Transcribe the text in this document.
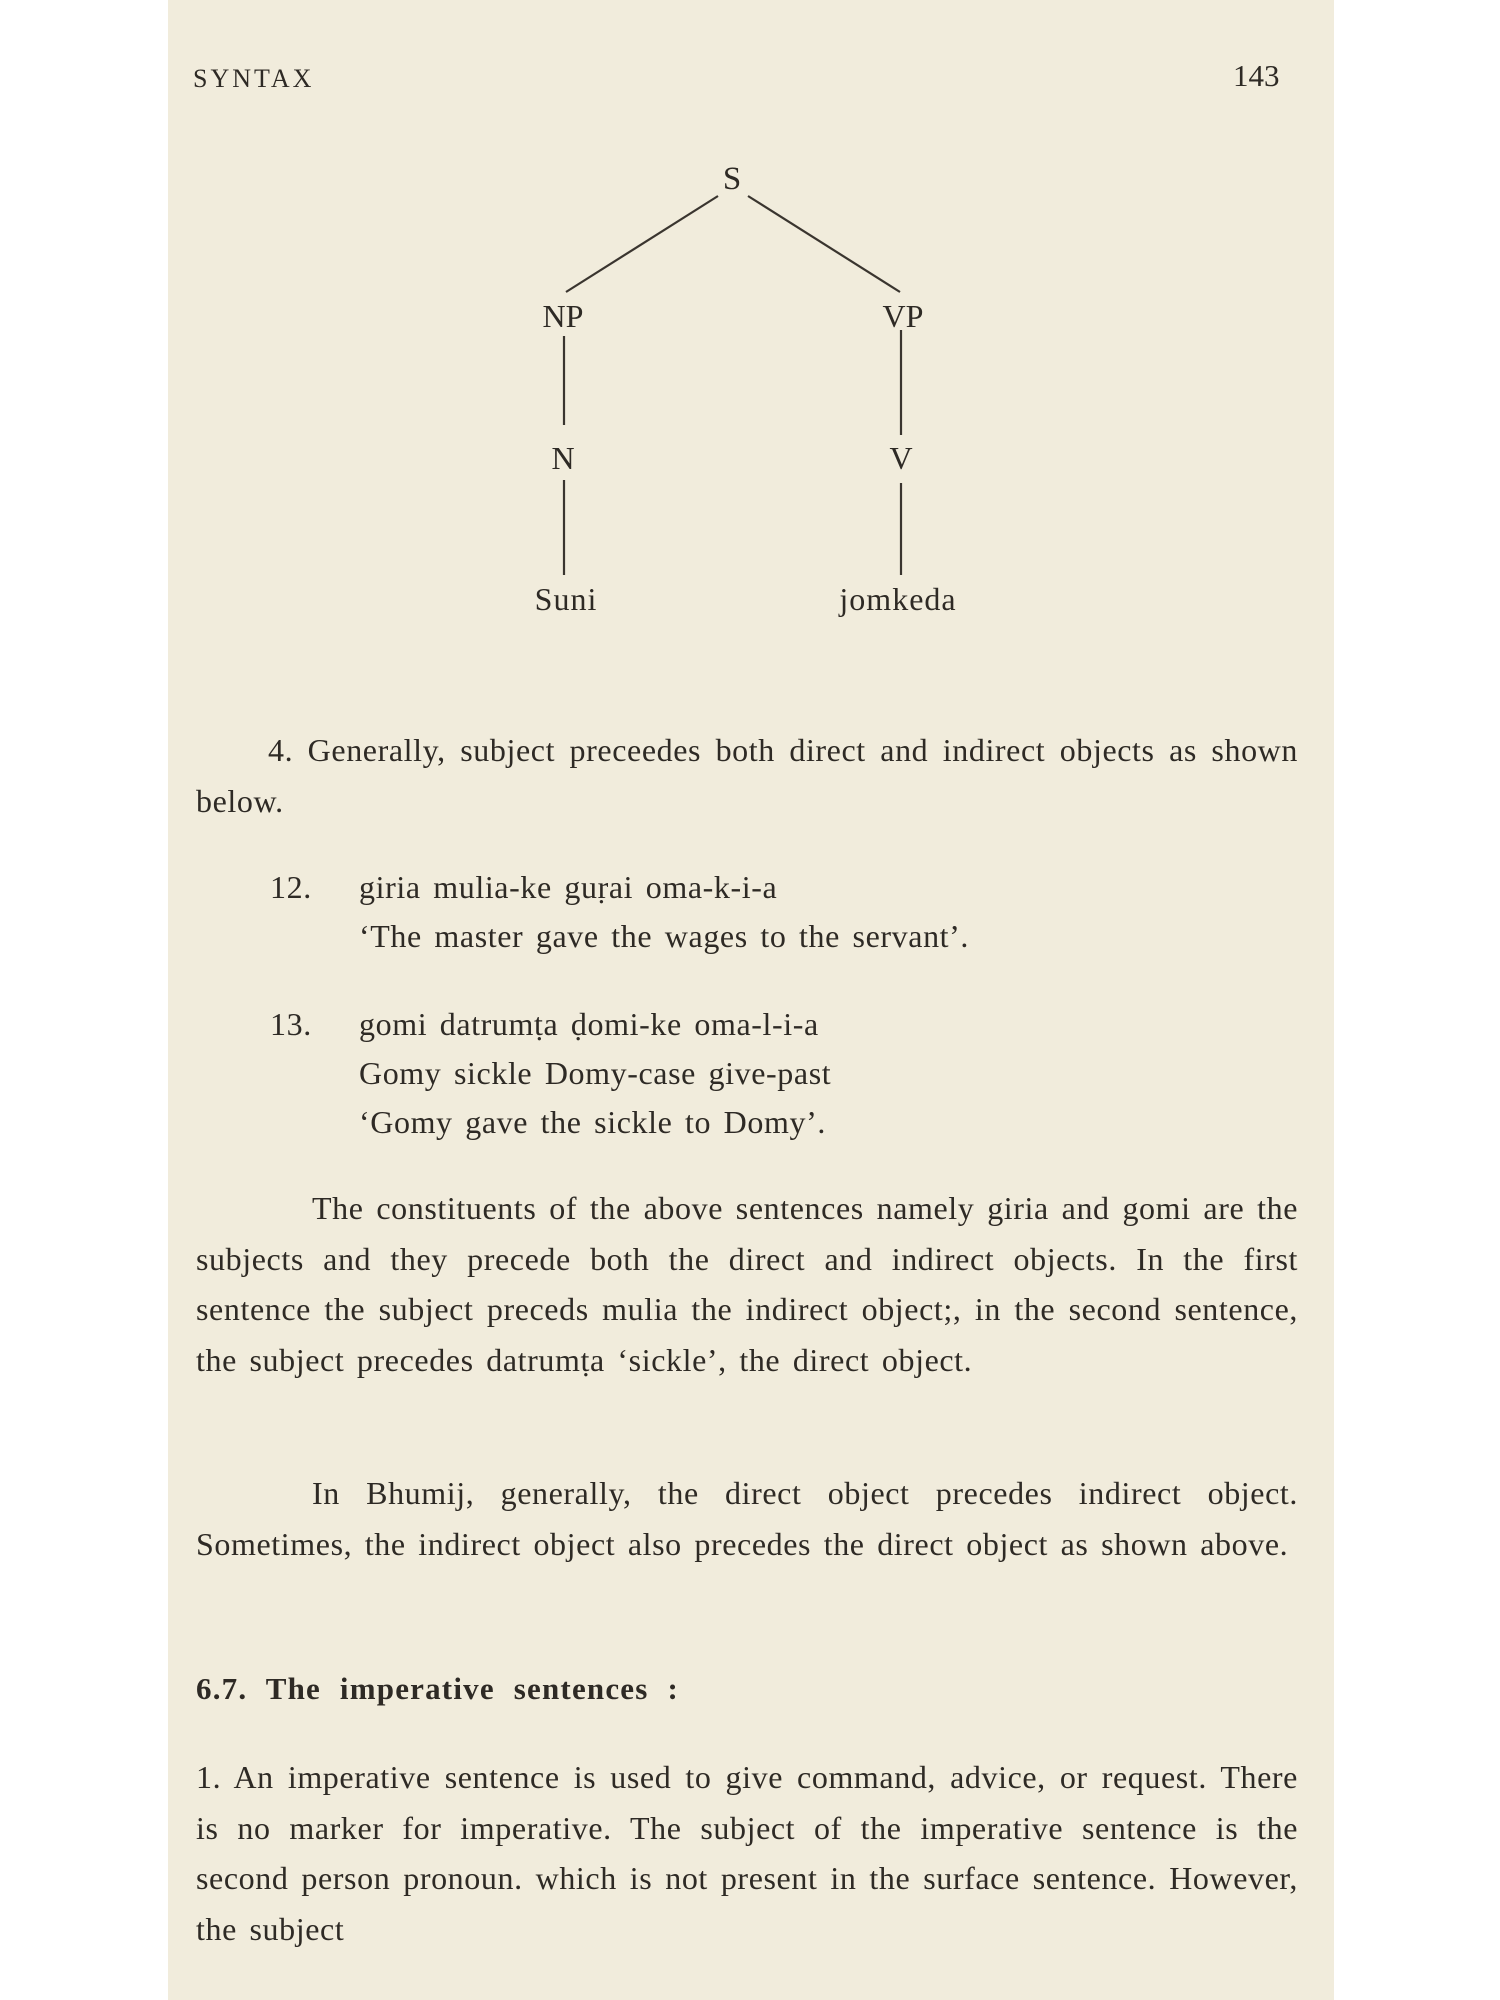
SYNTAX	143
S
NP	VP
N	V
Suni	jomkeda

4. Generally, subject preceedes both direct and indirect objects as shown below.

12. giria mulia-ke guṛai oma-k-i-a
‘The master gave the wages to the servant’.
13. gomi datrumṭa ḍomi-ke oma-l-i-a
Gomy sickle Domy-case give-past
‘Gomy gave the sickle to Domy’.

The constituents of the above sentences namely giria and gomi are the subjects and they precede both the direct and indirect objects. In the first sentence the subject preceds mulia the indirect object;, in the second sentence, the subject precedes datrumṭa ‘sickle’, the direct object.

In Bhumij, generally, the direct object precedes indirect object. Sometimes, the indirect object also precedes the direct object as shown above.

6.7. The imperative sentences :

1. An imperative sentence is used to give command, advice, or request. There is no marker for imperative. The subject of the imperative sentence is the second person pronoun. which is not present in the surface sentence. However, the subject
